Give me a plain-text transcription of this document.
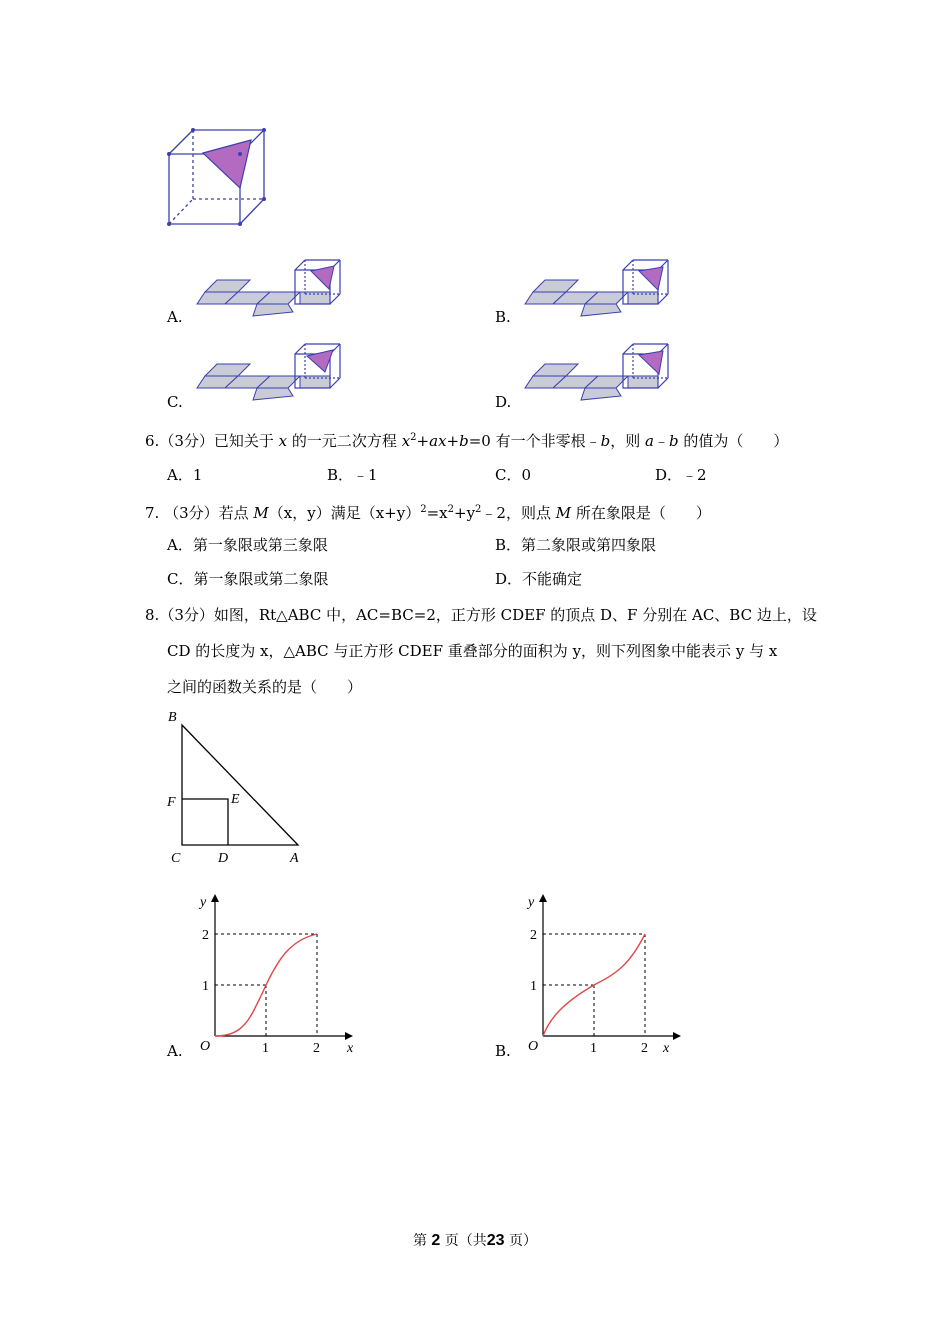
A.	B.
C.	D.
6.（3分）已知关于 x 的一元二次方程 $x^2+ax+b=0$ 有一个非零根﹣b，则 a﹣b 的值为（　　）
A．1	B．﹣1	C．0	D．﹣2
7. （3分）若点 M（x，y）满足$(x+y)^2=x^2+y^2﹣2$，则点 M 所在象限是（　　）
A．第一象限或第三象限	B．第二象限或第四象限
C．第一象限或第二象限	D．不能确定
8.（3分）如图，Rt△ABC 中，AC=BC=2，正方形 CDEF 的顶点 D、F 分别在 AC、BC 边上，设
CD 的长度为 x，△ABC 与正方形 CDEF 重叠部分的面积为 y，则下列图象中能表示 y 与 x
之间的函数关系的是（　　）
B
F	E
C	D	A
y
x
O
1
2
1	2
A.
y
x
O
1
2
1	2
B.
第 2 页（共23 页）
